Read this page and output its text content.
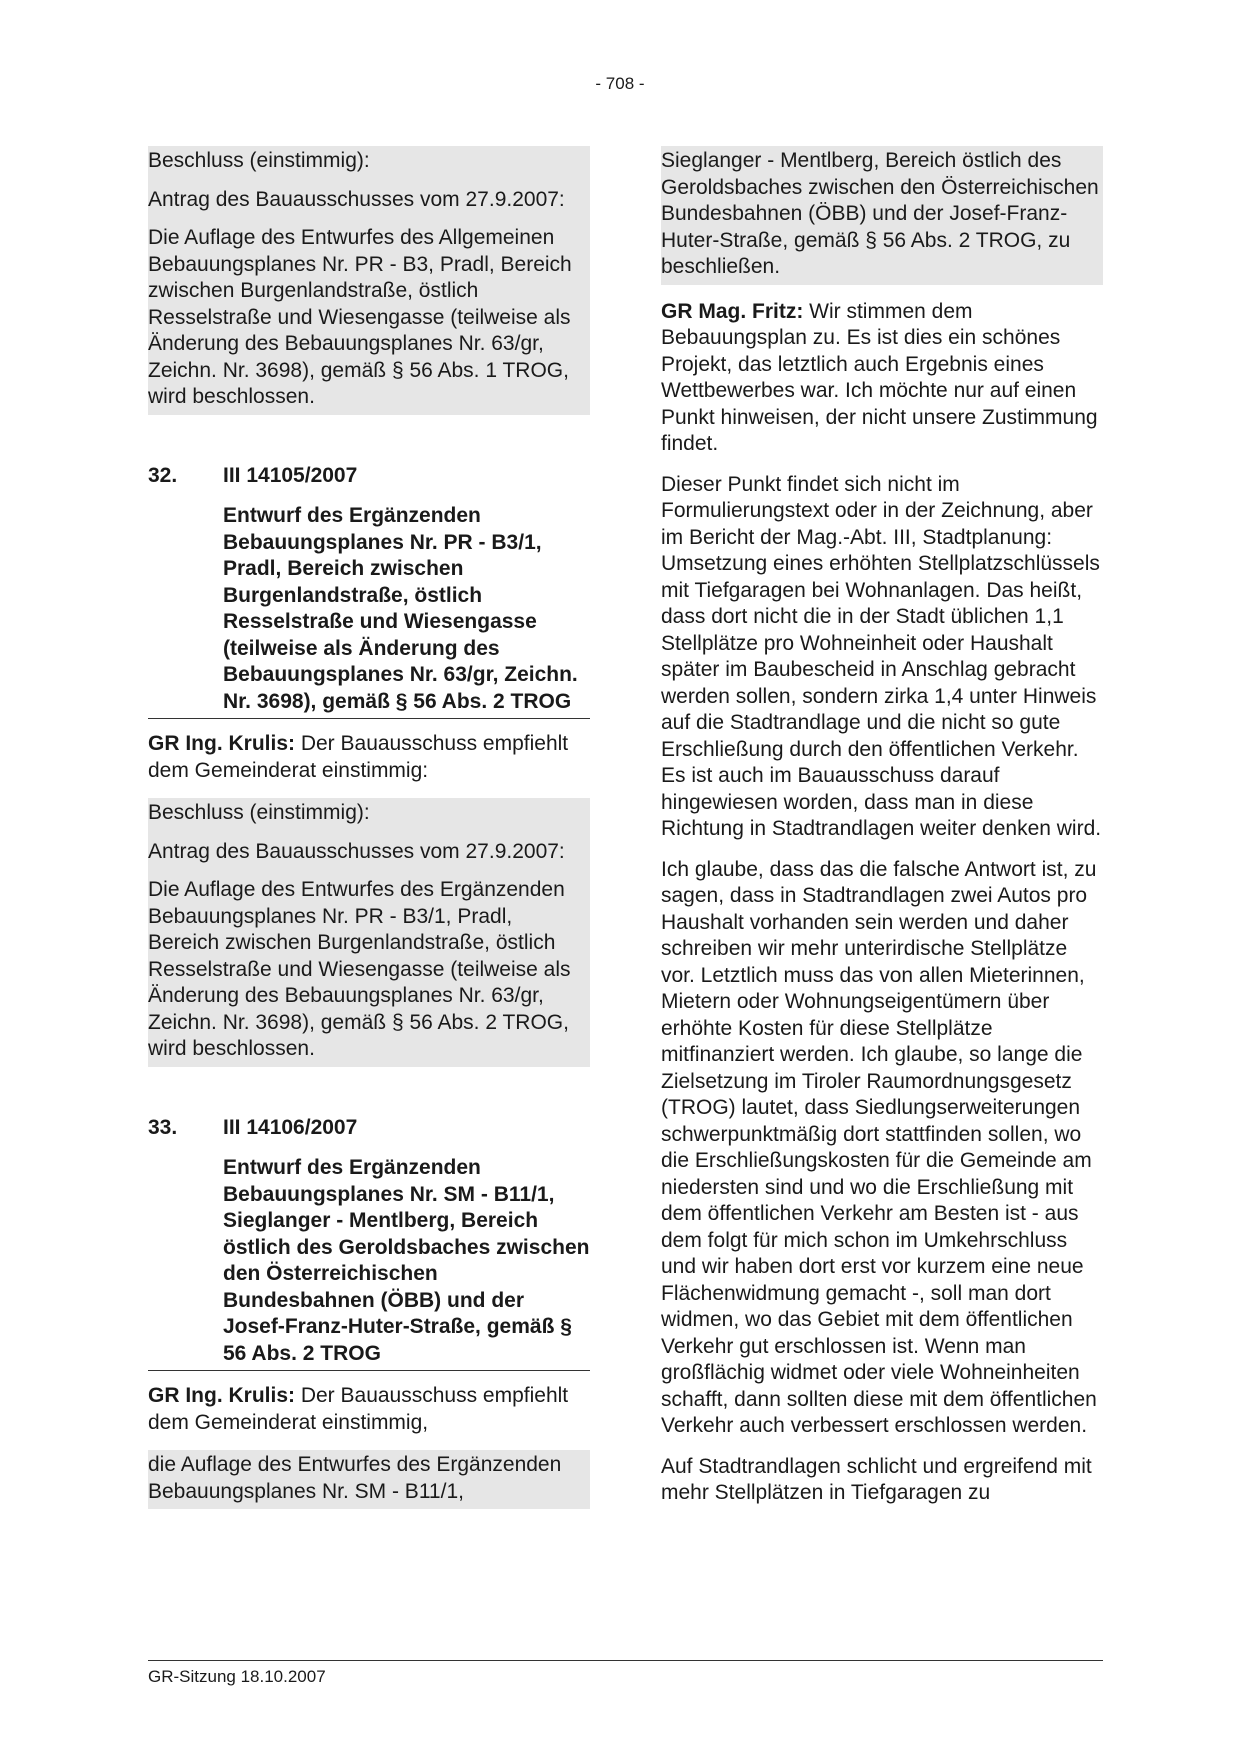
- 708 -

Beschluss (einstimmig):

Antrag des Bauausschusses vom 27.9.2007:

Die Auflage des Entwurfes des Allgemeinen Bebauungsplanes Nr. PR - B3, Pradl, Bereich zwischen Burgenlandstraße, östlich Resselstraße und Wiesengasse (teilweise als Änderung des Bebauungsplanes Nr. 63/gr, Zeichn. Nr. 3698), gemäß § 56 Abs. 1 TROG, wird beschlossen.

32.	III 14105/2007
Entwurf des Ergänzenden Bebauungsplanes Nr. PR - B3/1, Pradl, Bereich zwischen Burgenlandstraße, östlich Resselstraße und Wiesengasse (teilweise als Änderung des Bebauungsplanes Nr. 63/gr, Zeichn. Nr. 3698), gemäß § 56 Abs. 2 TROG

GR Ing. Krulis: Der Bauausschuss empfiehlt dem Gemeinderat einstimmig:

Beschluss (einstimmig):

Antrag des Bauausschusses vom 27.9.2007:

Die Auflage des Entwurfes des Ergänzenden Bebauungsplanes Nr. PR - B3/1, Pradl, Bereich zwischen Burgenlandstraße, östlich Resselstraße und Wiesengasse (teilweise als Änderung des Bebauungsplanes Nr. 63/gr, Zeichn. Nr. 3698), gemäß § 56 Abs. 2 TROG, wird beschlossen.

33.	III 14106/2007
Entwurf des Ergänzenden Bebauungsplanes Nr. SM - B11/1, Sieglanger - Mentlberg, Bereich östlich des Geroldsbaches zwischen den Österreichischen Bundesbahnen (ÖBB) und der Josef-Franz-Huter-Straße, gemäß § 56 Abs. 2 TROG

GR Ing. Krulis: Der Bauausschuss empfiehlt dem Gemeinderat einstimmig,

die Auflage des Entwurfes des Ergänzenden Bebauungsplanes Nr. SM - B11/1,

Sieglanger - Mentlberg, Bereich östlich des Geroldsbaches zwischen den Österreichischen Bundesbahnen (ÖBB) und der Josef-Franz-Huter-Straße, gemäß § 56 Abs. 2 TROG, zu beschließen.

GR Mag. Fritz: Wir stimmen dem Bebauungsplan zu. Es ist dies ein schönes Projekt, das letztlich auch Ergebnis eines Wettbewerbes war. Ich möchte nur auf einen Punkt hinweisen, der nicht unsere Zustimmung findet.

Dieser Punkt findet sich nicht im Formulierungstext oder in der Zeichnung, aber im Bericht der Mag.-Abt. III, Stadtplanung: Umsetzung eines erhöhten Stellplatzschlüssels mit Tiefgaragen bei Wohnanlagen. Das heißt, dass dort nicht die in der Stadt üblichen 1,1 Stellplätze pro Wohneinheit oder Haushalt später im Baubescheid in Anschlag gebracht werden sollen, sondern zirka 1,4 unter Hinweis auf die Stadtrandlage und die nicht so gute Erschließung durch den öffentlichen Verkehr. Es ist auch im Bauausschuss darauf hingewiesen worden, dass man in diese Richtung in Stadtrandlagen weiter denken wird.

Ich glaube, dass das die falsche Antwort ist, zu sagen, dass in Stadtrandlagen zwei Autos pro Haushalt vorhanden sein werden und daher schreiben wir mehr unterirdische Stellplätze vor. Letztlich muss das von allen Mieterinnen, Mietern oder Wohnungseigentümern über erhöhte Kosten für diese Stellplätze mitfinanziert werden. Ich glaube, so lange die Zielsetzung im Tiroler Raumordnungsgesetz (TROG) lautet, dass Siedlungserweiterungen schwerpunktmäßig dort stattfinden sollen, wo die Erschließungskosten für die Gemeinde am niedersten sind und wo die Erschließung mit dem öffentlichen Verkehr am Besten ist - aus dem folgt für mich schon im Umkehrschluss und wir haben dort erst vor kurzem eine neue Flächenwidmung gemacht -, soll man dort widmen, wo das Gebiet mit dem öffentlichen Verkehr gut erschlossen ist. Wenn man großflächig widmet oder viele Wohneinheiten schafft, dann sollten diese mit dem öffentlichen Verkehr auch verbessert erschlossen werden.

Auf Stadtrandlagen schlicht und ergreifend mit mehr Stellplätzen in Tiefgaragen zu

GR-Sitzung 18.10.2007
